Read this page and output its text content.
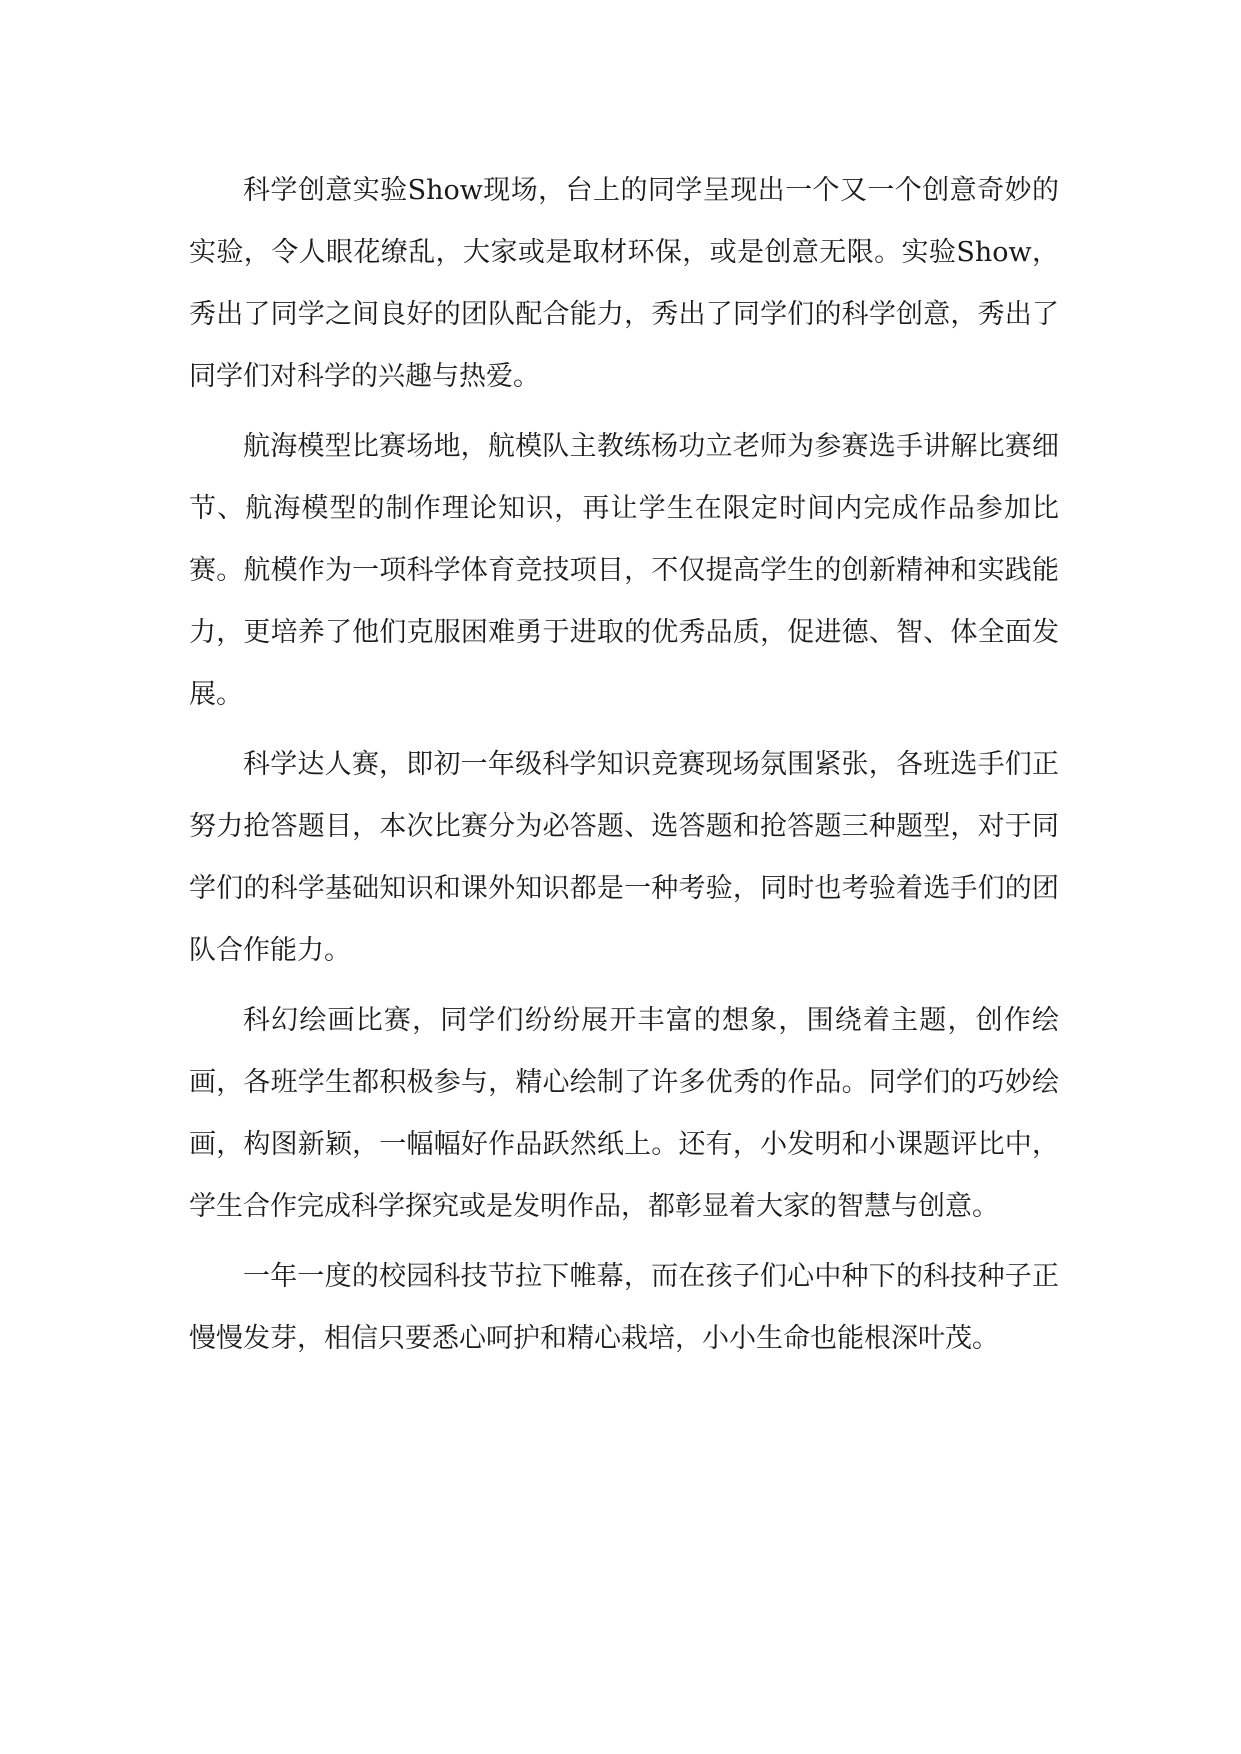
科学创意实验Show现场，台上的同学呈现出一个又一个创意奇妙的实验，令人眼花缭乱，大家或是取材环保，或是创意无限。实验Show，秀出了同学之间良好的团队配合能力，秀出了同学们的科学创意，秀出了同学们对科学的兴趣与热爱。

航海模型比赛场地，航模队主教练杨功立老师为参赛选手讲解比赛细节、航海模型的制作理论知识，再让学生在限定时间内完成作品参加比赛。航模作为一项科学体育竞技项目，不仅提高学生的创新精神和实践能力，更培养了他们克服困难勇于进取的优秀品质，促进德、智、体全面发展。

科学达人赛，即初一年级科学知识竞赛现场氛围紧张，各班选手们正努力抢答题目，本次比赛分为必答题、选答题和抢答题三种题型，对于同学们的科学基础知识和课外知识都是一种考验，同时也考验着选手们的团队合作能力。

科幻绘画比赛，同学们纷纷展开丰富的想象，围绕着主题，创作绘画，各班学生都积极参与，精心绘制了许多优秀的作品。同学们的巧妙绘画，构图新颖，一幅幅好作品跃然纸上。还有，小发明和小课题评比中，学生合作完成科学探究或是发明作品，都彰显着大家的智慧与创意。

一年一度的校园科技节拉下帷幕，而在孩子们心中种下的科技种子正慢慢发芽，相信只要悉心呵护和精心栽培，小小生命也能根深叶茂。
